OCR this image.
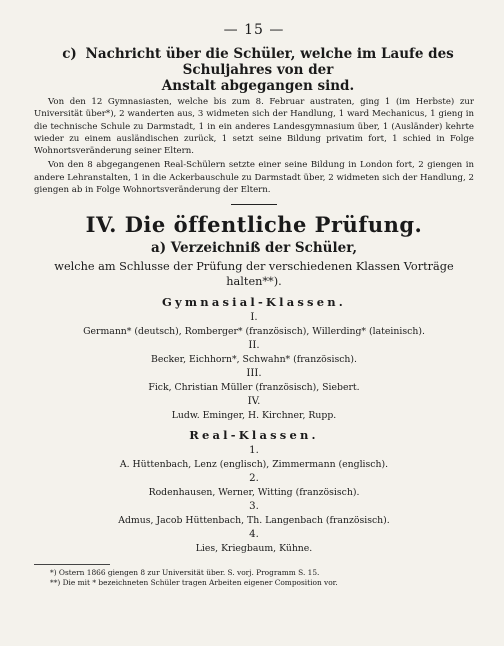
— 15 —
c) Nachricht über die Schüler, welche im Laufe des Schuljahres von der
Anstalt abgegangen sind.

Von den 12 Gymnasiasten, welche bis zum 8. Februar austraten, ging 1 (im Herbste) zur Universität über*), 2 wanderten aus, 3 widmeten sich der Handlung, 1 ward Mechanicus, 1 gieng in die technische Schule zu Darmstadt, 1 in ein anderes Landesgymnasium über, 1 (Ausländer) kehrte wieder zu einem ausländischen zurück, 1 setzt seine Bildung privatim fort, 1 schied in Folge Wohnortsveränderung seiner Eltern.

Von den 8 abgegangenen Real-Schülern setzte einer seine Bildung in London fort, 2 giengen in andere Lehranstalten, 1 in die Ackerbauschule zu Darmstadt über, 2 widmeten sich der Handlung, 2 giengen ab in Folge Wohnortsveränderung der Eltern.

IV. Die öffentliche Prüfung.
a) Verzeichniß der Schüler,
welche am Schlusse der Prüfung der verschiedenen Klassen Vorträge halten**).
Gymnasial-Klassen.
I.
Germann* (deutsch), Romberger* (französisch), Willerding* (lateinisch).
II.
Becker, Eichhorn*, Schwahn* (französisch).
III.
Fick, Christian Müller (französisch), Siebert.
IV.
Ludw. Eminger, H. Kirchner, Rupp.
Real-Klassen.
1.
A. Hüttenbach, Lenz (englisch), Zimmermann (englisch).
2.
Rodenhausen, Werner, Witting (französisch).
3.
Admus, Jacob Hüttenbach, Th. Langenbach (französisch).
4.
Lies, Kriegbaum, Kühne.
*) Ostern 1866 giengen 8 zur Universität über. S. vorj. Programm S. 15.
**) Die mit * bezeichneten Schüler tragen Arbeiten eigener Composition vor.
